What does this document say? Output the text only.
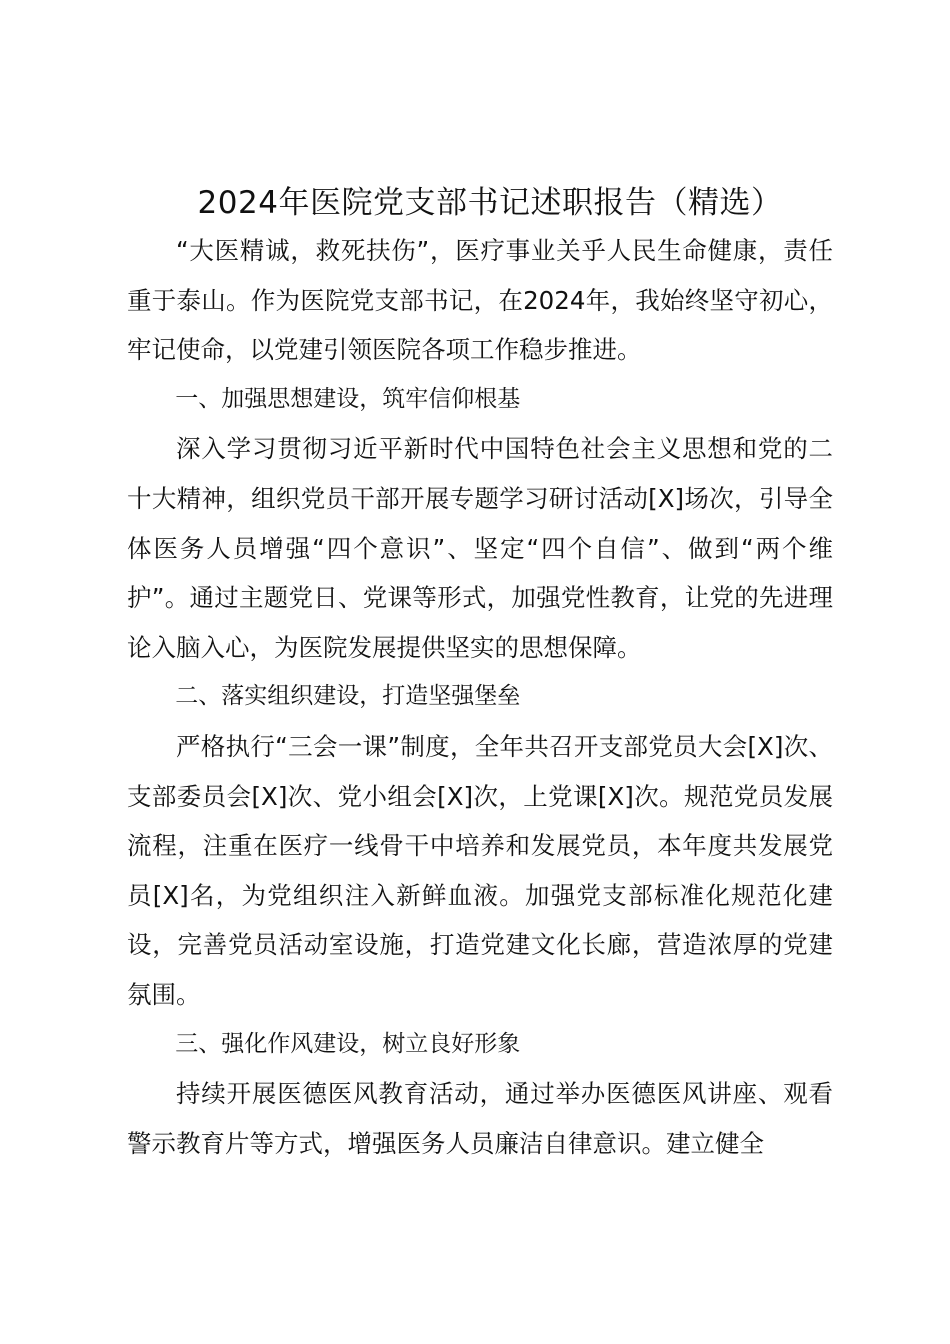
2024年医院党支部书记述职报告（精选）

“大医精诚，救死扶伤”，医疗事业关乎人民生命健康，责任重于泰山。作为医院党支部书记，在2024年，我始终坚守初心，牢记使命，以党建引领医院各项工作稳步推进。

一、加强思想建设，筑牢信仰根基

深入学习贯彻习近平新时代中国特色社会主义思想和党的二十大精神，组织党员干部开展专题学习研讨活动[X]场次，引导全体医务人员增强“四个意识”、坚定“四个自信”、做到“两个维护”。通过主题党日、党课等形式，加强党性教育，让党的先进理论入脑入心，为医院发展提供坚实的思想保障。

二、落实组织建设，打造坚强堡垒

严格执行“三会一课”制度，全年共召开支部党员大会[X]次、支部委员会[X]次、党小组会[X]次，上党课[X]次。规范党员发展流程，注重在医疗一线骨干中培养和发展党员，本年度共发展党员[X]名，为党组织注入新鲜血液。加强党支部标准化规范化建设，完善党员活动室设施，打造党建文化长廊，营造浓厚的党建氛围。

三、强化作风建设，树立良好形象

持续开展医德医风教育活动，通过举办医德医风讲座、观看警示教育片等方式，增强医务人员廉洁自律意识。建立健全
